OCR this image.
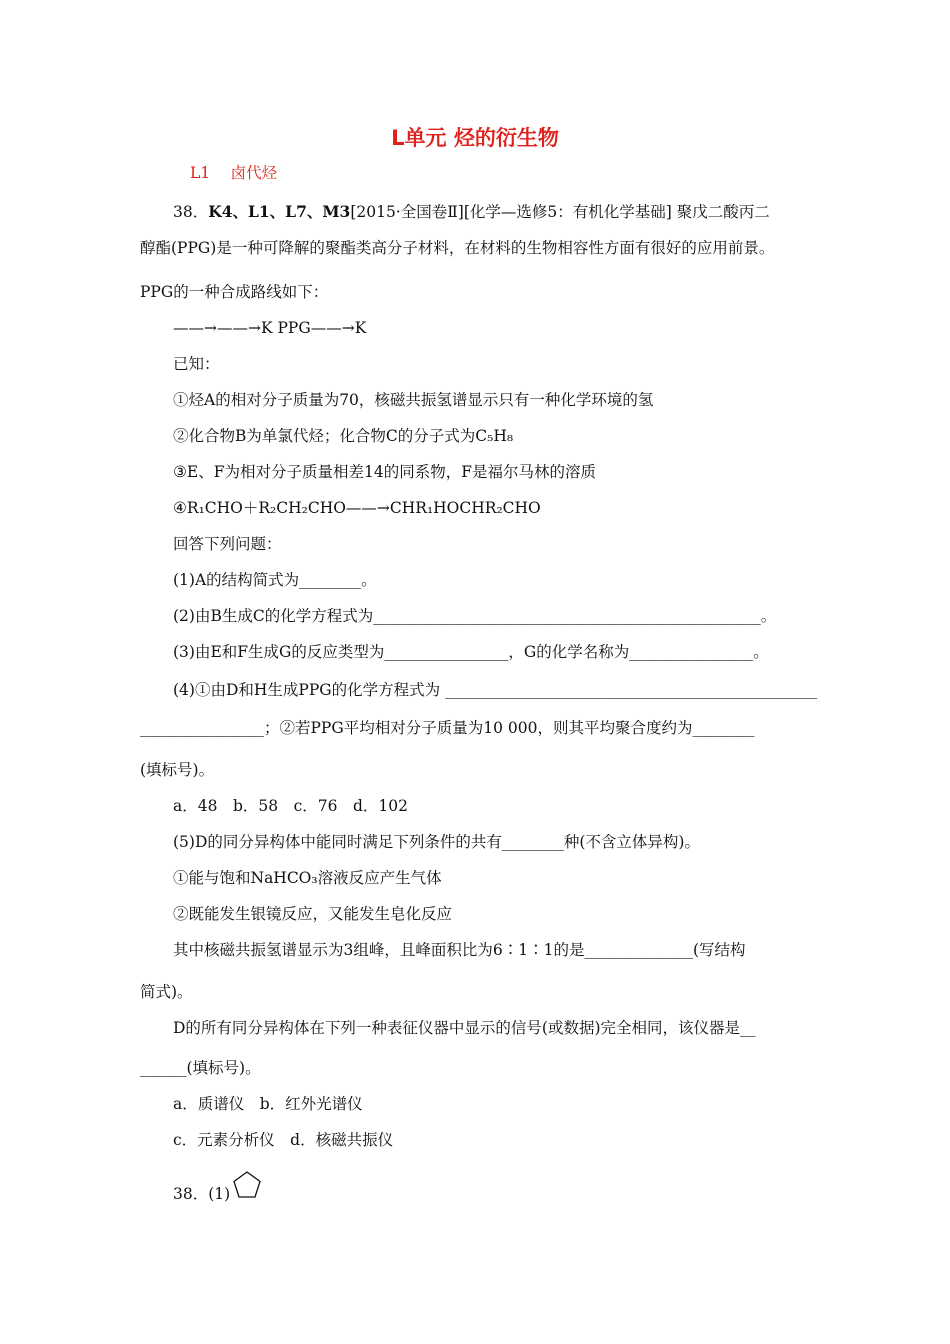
L单元 烃的衍生物
L1　 卤代烃
38．K4、L1、L7、M3[2015·全国卷Ⅱ][化学—选修5：有机化学基础] 聚戊二酸丙二
醇酯(PPG)是一种可降解的聚酯类高分子材料，在材料的生物相容性方面有很好的应用前景。
PPG的一种合成路线如下：
——→——→K PPG——→K
已知：
①烃A的相对分子质量为70，核磁共振氢谱显示只有一种化学环境的氢
②化合物B为单氯代烃；化合物C的分子式为C₅H₈
③E、F为相对分子质量相差14的同系物，F是福尔马林的溶质
④R₁CHO＋R₂CH₂CHO——→CHR₁HOCHR₂CHO
回答下列问题：
(1)A的结构简式为________。
(2)由B生成C的化学方程式为__________________________________________________。
(3)由E和F生成G的反应类型为________________，G的化学名称为________________。
(4)①由D和H生成PPG的化学方程式为 ________________________________________________
________________；②若PPG平均相对分子质量为10 000，则其平均聚合度约为________
(填标号)。
a．48　b．58　c．76　d．102
(5)D的同分异构体中能同时满足下列条件的共有________种(不含立体异构)。
①能与饱和NaHCO₃溶液反应产生气体
②既能发生银镜反应，又能发生皂化反应
其中核磁共振氢谱显示为3组峰，且峰面积比为6∶1∶1的是______________(写结构
简式)。
D的所有同分异构体在下列一种表征仪器中显示的信号(或数据)完全相同，该仪器是__
______(填标号)。
a．质谱仪　b．红外光谱仪
c．元素分析仪　d．核磁共振仪
38．(1)
